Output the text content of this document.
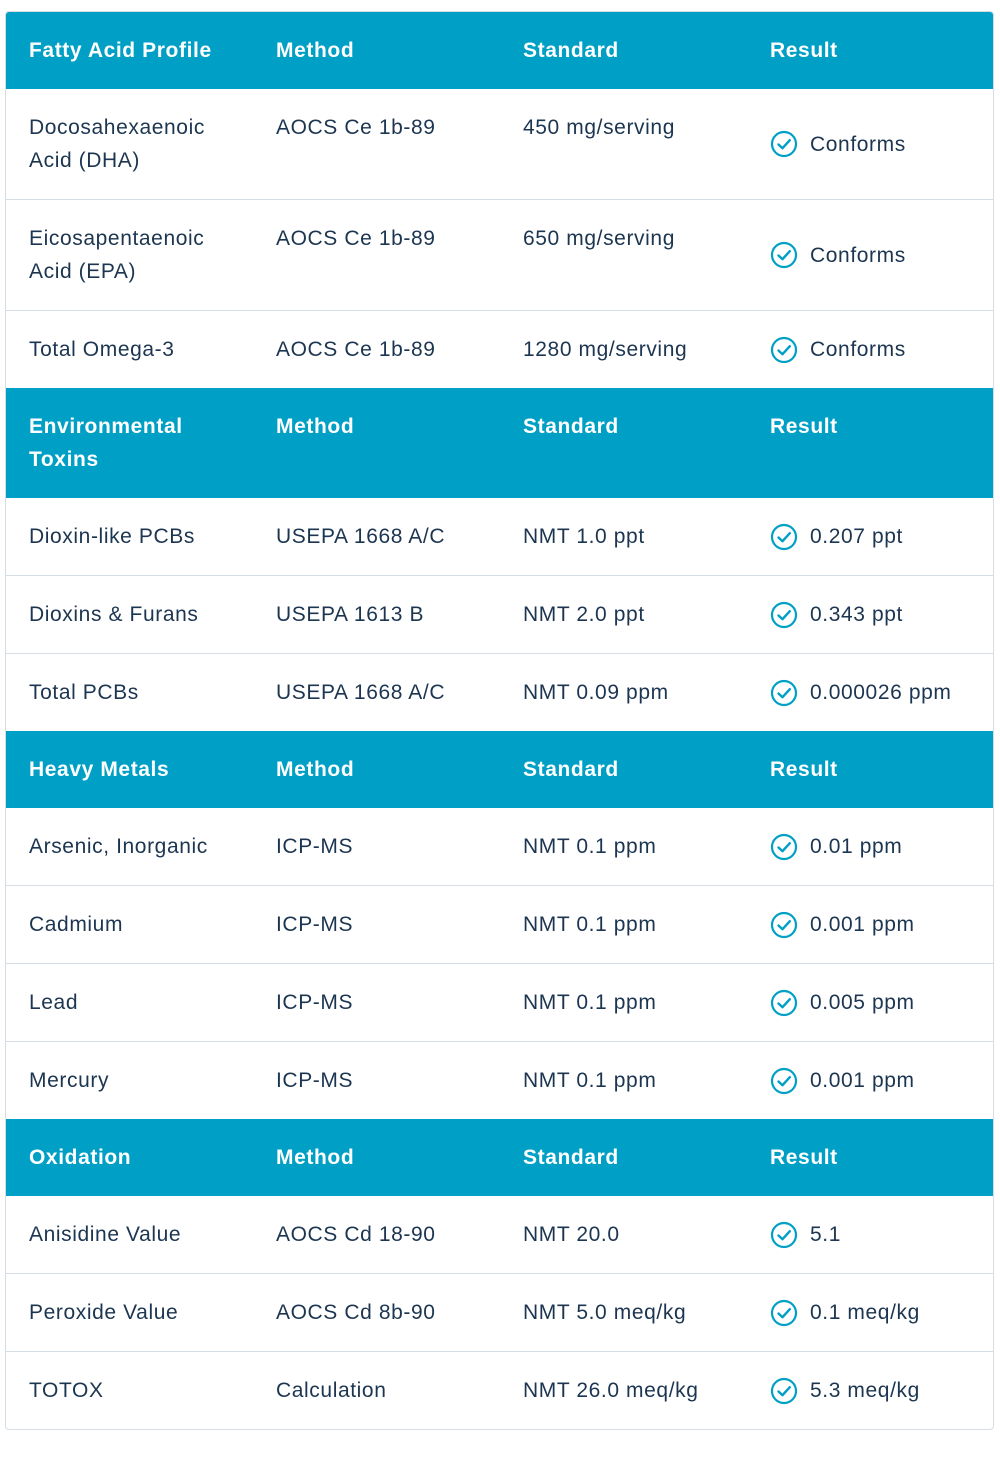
Fatty Acid Profile	Method	Standard	Result
Docosahexaenoic Acid (DHA)	AOCS Ce 1b-89	450 mg/serving	Conforms

Eicosapentaenoic Acid (EPA)	AOCS Ce 1b-89	650 mg/serving	Conforms

Total Omega-3	AOCS Ce 1b-89	1280 mg/serving	Conforms

Environmental Toxins	Method	Standard	Result
Dioxin-like PCBs	USEPA 1668 A/C	NMT 1.0 ppt	0.207 ppt

Dioxins & Furans	USEPA 1613 B	NMT 2.0 ppt	0.343 ppt

Total PCBs	USEPA 1668 A/C	NMT 0.09 ppm	0.000026 ppm

Heavy Metals	Method	Standard	Result
Arsenic, Inorganic	ICP-MS	NMT 0.1 ppm	0.01 ppm

Cadmium	ICP-MS	NMT 0.1 ppm	0.001 ppm

Lead	ICP-MS	NMT 0.1 ppm	0.005 ppm

Mercury	ICP-MS	NMT 0.1 ppm	0.001 ppm

Oxidation	Method	Standard	Result
Anisidine Value	AOCS Cd 18-90	NMT 20.0	5.1

Peroxide Value	AOCS Cd 8b-90	NMT 5.0 meq/kg	0.1 meq/kg

TOTOX	Calculation	NMT 26.0 meq/kg	5.3 meq/kg
